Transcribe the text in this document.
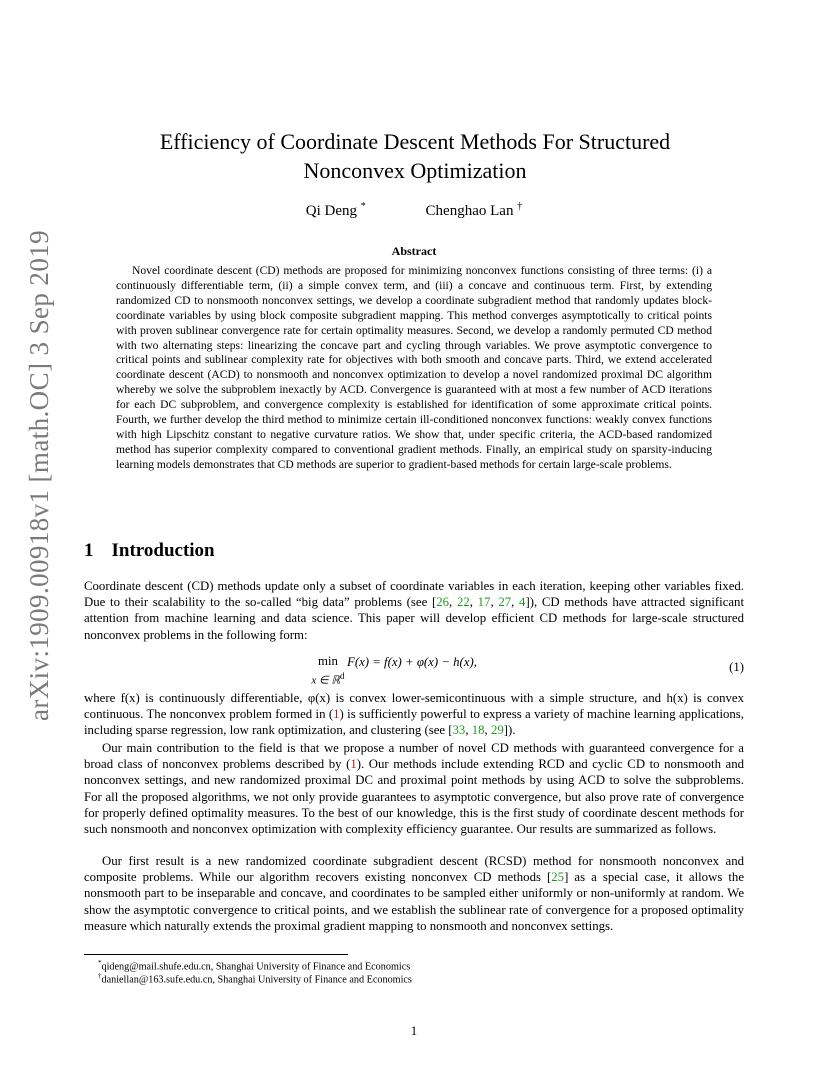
arXiv:1909.00918v1 [math.OC] 3 Sep 2019
Efficiency of Coordinate Descent Methods For Structured Nonconvex Optimization
Qi Deng *	Chenghao Lan †
Abstract

Novel coordinate descent (CD) methods are proposed for minimizing nonconvex functions consisting of three terms: (i) a continuously differentiable term, (ii) a simple convex term, and (iii) a concave and continuous term. First, by extending randomized CD to nonsmooth nonconvex settings, we develop a coordinate subgradient method that randomly updates block-coordinate variables by using block composite subgradient mapping. This method converges asymptotically to critical points with proven sublinear convergence rate for certain optimality measures. Second, we develop a randomly permuted CD method with two alternating steps: linearizing the concave part and cycling through variables. We prove asymptotic convergence to critical points and sublinear complexity rate for objectives with both smooth and concave parts. Third, we extend accelerated coordinate descent (ACD) to nonsmooth and nonconvex optimization to develop a novel randomized proximal DC algorithm whereby we solve the subproblem inexactly by ACD. Convergence is guaranteed with at most a few number of ACD iterations for each DC subproblem, and convergence complexity is established for identification of some approximate critical points. Fourth, we further develop the third method to minimize certain ill-conditioned nonconvex functions: weakly convex functions with high Lipschitz constant to negative curvature ratios. We show that, under specific criteria, the ACD-based randomized method has superior complexity compared to conventional gradient methods. Finally, an empirical study on sparsity-inducing learning models demonstrates that CD methods are superior to gradient-based methods for certain large-scale problems.

1 Introduction

Coordinate descent (CD) methods update only a subset of coordinate variables in each iteration, keeping other variables fixed. Due to their scalability to the so-called “big data” problems (see [26, 22, 17, 27, 4]), CD methods have attracted significant attention from machine learning and data science. This paper will develop efficient CD methods for large-scale structured nonconvex problems in the following form:

min
x ∈ ℝ$^d$
F(x) = f(x) + φ(x) − h(x),	(1)

where f(x) is continuously differentiable, φ(x) is convex lower-semicontinuous with a simple structure, and h(x) is convex continuous. The nonconvex problem formed in (1) is sufficiently powerful to express a variety of machine learning applications, including sparse regression, low rank optimization, and clustering (see [33, 18, 29]).

Our main contribution to the field is that we propose a number of novel CD methods with guaranteed convergence for a broad class of nonconvex problems described by (1). Our methods include extending RCD and cyclic CD to nonsmooth and nonconvex settings, and new randomized proximal DC and proximal point methods by using ACD to solve the subproblems. For all the proposed algorithms, we not only provide guarantees to asymptotic convergence, but also prove rate of convergence for properly defined optimality measures. To the best of our knowledge, this is the first study of coordinate descent methods for such nonsmooth and nonconvex optimization with complexity efficiency guarantee. Our results are summarized as follows.

Our first result is a new randomized coordinate subgradient descent (RCSD) method for nonsmooth nonconvex and composite problems. While our algorithm recovers existing nonconvex CD methods [25] as a special case, it allows the nonsmooth part to be inseparable and concave, and coordinates to be sampled either uniformly or non-uniformly at random. We show the asymptotic convergence to critical points, and we establish the sublinear rate of convergence for a proposed optimality measure which naturally extends the proximal gradient mapping to nonsmooth and nonconvex settings.

*qideng@mail.shufe.edu.cn, Shanghai University of Finance and Economics

†daniellan@163.sufe.edu.cn, Shanghai University of Finance and Economics

1
